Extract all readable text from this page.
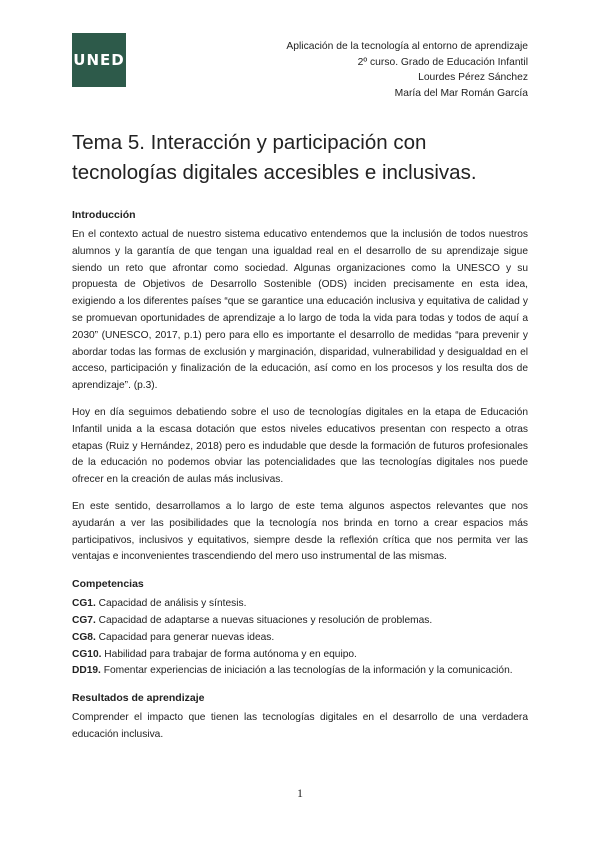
UNED
Aplicación de la tecnología al entorno de aprendizaje
2º curso. Grado de Educación Infantil
Lourdes Pérez Sánchez
María del Mar Román García
Tema 5. Interacción y participación con tecnologías digitales accesibles e inclusivas.
Introducción

En el contexto actual de nuestro sistema educativo entendemos que la inclusión de todos nuestros alumnos y la garantía de que tengan una igualdad real en el desarrollo de su aprendizaje sigue siendo un reto que afrontar como sociedad. Algunas organizaciones como la UNESCO y su propuesta de Objetivos de Desarrollo Sostenible (ODS) inciden precisamente en esta idea, exigiendo a los diferentes países “que se garantice una educación inclusiva y equitativa de calidad y se promuevan oportunidades de aprendizaje a lo largo de toda la vida para todas y todos de aquí a 2030” (UNESCO, 2017, p.1) pero para ello es importante el desarrollo de medidas “para prevenir y abordar todas las formas de exclusión y marginación, disparidad, vulnerabilidad y desigualdad en el acceso, participación y finalización de la educación, así como en los procesos y los resulta dos de aprendizaje”. (p.3).

Hoy en día seguimos debatiendo sobre el uso de tecnologías digitales en la etapa de Educación Infantil unida a la escasa dotación que estos niveles educativos presentan con respecto a otras etapas (Ruiz y Hernández, 2018) pero es indudable que desde la formación de futuros profesionales de la educación no podemos obviar las potencialidades que las tecnologías digitales nos puede ofrecer en la creación de aulas más inclusivas.

En este sentido, desarrollamos a lo largo de este tema algunos aspectos relevantes que nos ayudarán a ver las posibilidades que la tecnología nos brinda en torno a crear espacios más participativos, inclusivos y equitativos, siempre desde la reflexión crítica que nos permita ver las ventajas e inconvenientes trascendiendo del mero uso instrumental de las mismas.

Competencias

CG1. Capacidad de análisis y síntesis.

CG7. Capacidad de adaptarse a nuevas situaciones y resolución de problemas.

CG8. Capacidad para generar nuevas ideas.

CG10. Habilidad para trabajar de forma autónoma y en equipo.

DD19. Fomentar experiencias de iniciación a las tecnologías de la información y la comunicación.

Resultados de aprendizaje

Comprender el impacto que tienen las tecnologías digitales en el desarrollo de una verdadera educación inclusiva.

1
